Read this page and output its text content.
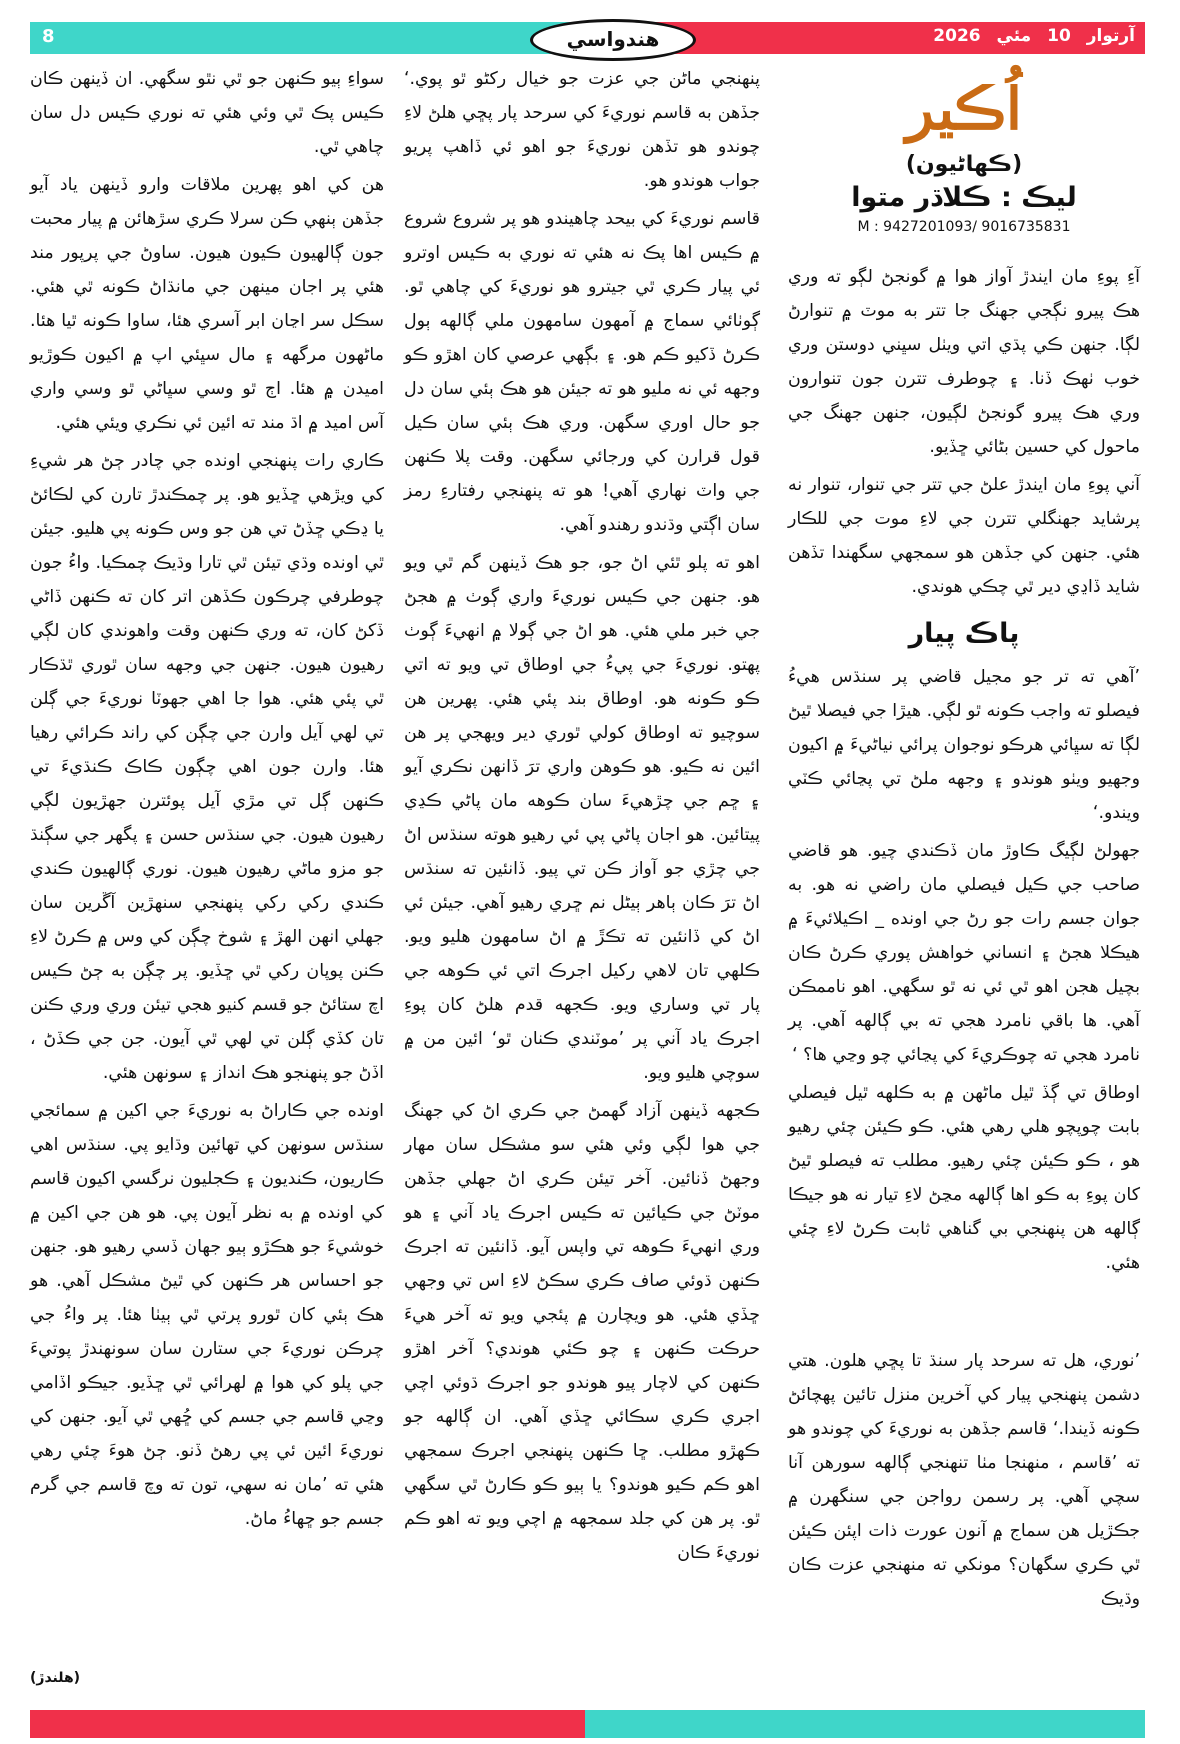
8	هندواسي	آرتوار 10 مئي 2026
اُڪير
(ڪهاڻيون)
ليڪ : ڪلاڌر متوا
M : 9427201093/ 9016735831

آءِ پوءِ مان ايندڙ آواز هوا ۾ گونجڻ لڳو ته وري هڪ پيرو نڳجي جهنگ جا تتر به موٽ ۾ تنوارڻ لڳا. جنهن ڪي پڌي اتي ويٺل سڀني دوستن وري خوب ٺهڪ ڏنا. ۽ چوطرف تترن جون تنوارون وري هڪ پيرو گونجڻ لڳيون، جنهن جهنگ جي ماحول کي حسين بڻائي ڇڏيو.

آني پوءِ مان ايندڙ علڻ جي تتر جي تنوار، تنوار نه پرشايد جهنگلي تترن جي لاءِ موت جي للڪار هئي. جنهن کي جڏهن هو سمجهي سگهندا تڏهن شايد ڏاڍي دير ٿي چڪي هوندي.

پاڪ پيار

’آهي ته تر جو مجيل قاضي پر سنڌس هيءُ فيصلو ته واجب ڪونه ٿو لڳي. هيڙا جي فيصلا ٿيڻ لڳا ته سڀائي هرڪو نوجوان پرائي نياڻيءَ ۾ اکيون وجهيو ويٺو هوندو ۽ وجهه ملڻ تي پڃائي ڪٽي ويندو.‘

جهولڻ لڳيگ ڪاوڙ مان ڏڪندي چيو. هو قاضي صاحب جي ڪيل فيصلي مان راضي نه هو. به جوان جسم رات جو رڻ جي اونده _ اڪيلائيءَ ۾ هيڪلا هجڻ ۽ انساني خواهش پوري ڪرڻ ڪان بچيل هجن اهو ٿي ئي نه ٿو سگهي. اهو ناممڪن آهي. ها باقي نامرد هجي ته بي ڳالهه آهي. پر نامرد هجي ته چوڪريءَ کي پڃائي چو وڃي ها؟ ‘

اوطاق تي ڳڏ ٿيل ماڻهن ۾ به ڪلهه ٿيل فيصلي بابت چوپچو هلي رهي هئي. ڪو ڪيئن چئي رهيو هو ، ڪو ڪيئن چئي رهيو. مطلب ته فيصلو ٿيڻ کان پوءِ به ڪو اها ڳالهه مڃڻ لاءِ تيار نه هو جيڪا ڳالهه هن پنهنجي بي گناهي ثابت ڪرڻ لاءِ چئي هئي.

’نوري، هل ته سرحد پار سنڌ تا پڇي هلون. هتي دشمن پنهنجي پيار کي آخرين منزل تائين پهچائڻ ڪونه ڏيندا.‘ قاسم جڏهن به نوريءَ کي چوندو هو ته ’قاسم ، منهنجا مٺا تنهنجي ڳالهه سورهن آنا سچي آهي. پر رسمن رواجن جي سنگهرن ۾ جڪڙيل هن سماج ۾ آنون عورت ذات اپئن ڪيئن ٿي ڪري سگهان؟ مونکي ته منهنجي عزت ڪان وڌيڪ

پنهنجي ماڻن جي عزت جو خيال رکڻو ٿو پوي.‘ جڏهن به قاسم نوريءَ کي سرحد پار پڇي هلڻ لاءِ چوندو هو تڏهن نوريءَ جو اهو ئي ڏاهپ پريو جواب هوندو هو.

قاسم نوريءَ کي بيحد چاهيندو هو پر شروع شروع ۾ ڪيس اها پڪ نه هئي ته نوري به ڪيس اوترو ئي پيار ڪري ٿي جيترو هو نوريءَ کي چاهي ٿو. ڳوٺائي سماج ۾ آمهون سامهون ملي ڳالهه ٻول ڪرڻ ڏکيو ڪم هو. ۽ بڳهي عرصي کان اهڙو ڪو وجهه ئي نه مليو هو ته جيئن هو هڪ ٻئي سان دل جو حال اوري سگهن. وري هڪ ٻئي سان ڪيل قول قرارن کي ورجائي سگهن. وقت پلا ڪنهن جي واٽ نهاري آهي! هو ته پنهنجي رفتارءِ رمز سان اڳتي وڌندو رهندو آهي.

اهو ته پلو ٿئي اڻ جو، جو هڪ ڏينهن گم ٿي ويو هو. جنهن جي ڪيس نوريءَ واري ڳوٺ ۾ هجڻ جي خبر ملي هئي. هو اڻ جي ڳولا ۾ انهيءَ ڳوٺ پهتو. نوريءَ جي پيءُ جي اوطاق تي ويو ته اتي ڪو ڪونه هو. اوطاق بند پئي هئي. پهرين هن سوچيو ته اوطاق کولي ٿوري دير ويهجي پر هن ائين نه ڪيو. هو ڪوهن واري ترَ ڏانهن نڪري آيو ۽ ڇم جي چڙهيءَ سان ڪوهه مان پاڻي ڪڍي پيتائين. هو اجان پاڻي پي ئي رهيو هوته سنڌس اڻ جي چڙي جو آواز ڪن تي پيو. ڏانئين ته سنڌس اڻ ترَ ڪان ٻاهر ٻيڻل نم ڇري رهيو آهي. جيئن ئي اڻ کي ڏانئين ته تڪڙَ ۾ اڻ سامهون هليو ويو. ڪلهي تان لاهي رکيل اجرڪ اتي ئي ڪوهه جي پار تي وساري ويو. ڪجهه قدم هلڻ کان پوءِ اجرڪ ياد آني پر ’موٽندي ڪنان ٿو‘ ائين من ۾ سوچي هليو ويو.

ڪجهه ڏينهن آزاد گهمڻ جي ڪري اڻ کي جهنگ جي هوا لڳي وئي هئي سو مشڪل سان مهار وجهڻ ڏنائين. آخر تيئن ڪري اڻ جهلي جڏهن موٽڻ جي ڪيائين ته ڪيس اجرڪ ياد آني ۽ هو وري انهيءَ ڪوهه تي واپس آيو. ڏانئين ته اجرڪ ڪنهن ڌوئي صاف ڪري سڪڻ لاءِ اس تي وجهي ڇڏي هئي. هو ويچارن ۾ پئجي ويو ته آخر هيءَ حرڪت ڪنهن ۽ چو ڪئي هوندي؟ آخر اهڙو ڪنهن کي لاچار پيو هوندو جو اجرڪ ڌوئي اچي اجري ڪري سڪائي ڇڏي آهي. ان ڳالهه جو ڪهڙو مطلب. ڇا ڪنهن پنهنجي اجرڪ سمجهي اهو ڪم ڪيو هوندو؟ يا ٻيو ڪو ڪارڻ ٿي سگهي ٿو. پر هن کي جلد سمجهه ۾ اچي ويو ته اهو ڪم نوريءَ ڪان

سواءِ ٻيو ڪنهن جو ٿي نٿو سگهي. ان ڏينهن ڪان ڪيس پڪ ٿي وئي هئي ته نوري ڪيس دل سان چاهي ٿي.

هن کي اهو پهرين ملاقات وارو ڏينهن ياد آيو جڏهن ٻنهي ڪن سرلا ڪري سڙهائن ۾ پيار محبت جون ڳالهيون ڪيون هيون. ساوڻ جي پرپور مند هئي پر اجان مينهن جي مانڌاڻ ڪونه ٿي هئي. سڪل سر اڃان ابر آسري هئا، ساوا ڪونه ٿيا هئا. ماڻهون مرگهه ۽ مال سڀئي اپ ۾ اکيون ڪوڙيو اميدن ۾ هئا. اڄ ٿو وسي سڀاڻي ٿو وسي واري آس اميد ۾ اڌ مند ته ائين ئي نڪري ويئي هئي.

ڪاري رات پنهنجي اونده جي چادر ڄڻ هر شيءِ کي ويڙهي ڇڏيو هو. پر چمڪندڙ تارن کي لڪائڻ يا ڍڪي ڇڏڻ تي هن جو وس ڪونه پي هليو. جيئن ٿي اونده وڌي تيئن ٿي تارا وڌيڪ چمڪيا. واءُ جون چوطرفي چرڪون ڪڏهن اتر کان ته ڪنهن ڏاڻي ڏکڻ کان، ته وري ڪنهن وقت واهوندي کان لڳي رهيون هيون. جنهن جي وجهه سان ٿوري ٿڌڪار ٿي پئي هئي. هوا جا اهي جهوٽا نوريءَ جي ڳلن تي لهي آيل وارن جي چڳن کي راند ڪرائي رهيا هئا. وارن جون اهي چڳون ڪاڪ ڪنڌيءَ تي ڪنهن ڳل تي مڙي آيل پوئترن جهڙيون لڳي رهيون هيون. جي سنڌس حسن ۽ پگهر جي سڳنڌ جو مزو ماڻي رهيون هيون. نوري ڳالهيون ڪندي ڪندي رکي رکي پنهنجي سنهڙين آڱرين سان جهلي انهن الهڙ ۽ شوخ چڳن کي وس ۾ ڪرڻ لاءِ ڪنن پوپان رکي ٿي ڇڏيو. پر چڳن به ڄڻ ڪيس اچ ستائڻ جو قسم کنيو هجي تيئن وري وري ڪنن تان کڏي ڳلن تي لهي ٿي آيون. جن جي ڪڏڻ ، اڏڻ جو پنهنجو هڪ انداز ۽ سونهن هئي.

اونده جي ڪاراڻ به نوريءَ جي اکين ۾ سمائجي سنڌس سونهن کي تهائين وڌايو پي. سنڌس اهي ڪاريون، ڪنديون ۽ ڪجليون نرگسي اکيون قاسم کي اونده ۾ به نظر آيون پي. هو هن جي اکين ۾ خوشيءَ جو هڪڙو ٻيو جهان ڏسي رهيو هو. جنهن جو احساس هر ڪنهن کي ٿيڻ مشڪل آهي. هو هڪ ٻئي کان ٿورو پرتي ٿي ٻيٺا هئا. پر واءُ جي چرڪن نوريءَ جي ستارن سان سونهندڙ پوتيءَ جي پلو کي هوا ۾ لهرائي ٿي ڇڏيو. جيڪو اڏامي وڃي قاسم جي جسم کي ڇُهي ٿي آيو. جنهن کي نوريءَ ائين ئي پي رهڻ ڏنو. ڄڻ هوءَ چئي رهي هئي ته ’مان نه سهي، تون ته وچ قاسم جي گرم جسم جو ڇهاءُ ماڻ.

(هلندڙ)
